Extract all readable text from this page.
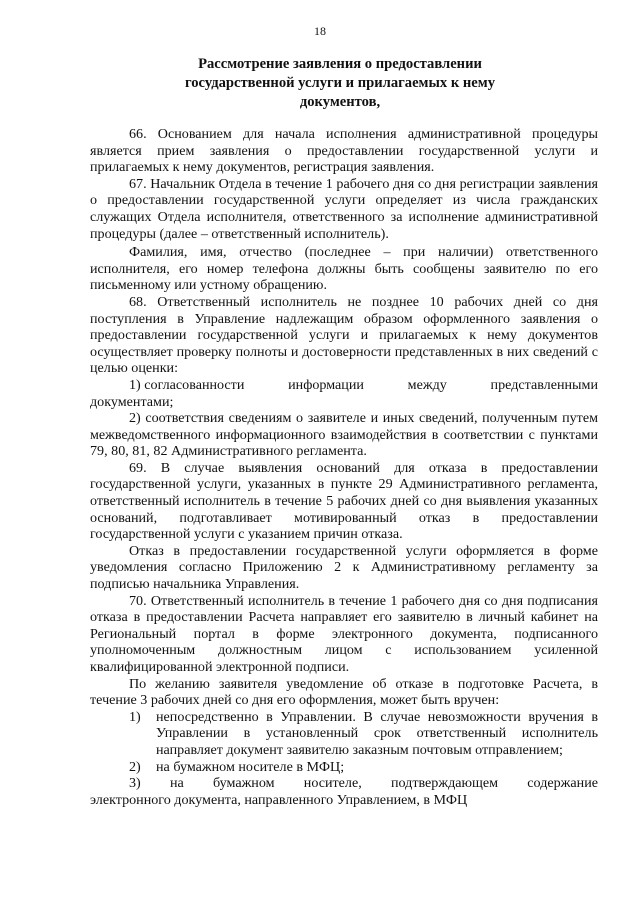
18
Рассмотрение заявления о предоставлении
государственной услуги и прилагаемых к нему
документов,

66. Основанием для начала исполнения административной процедуры является прием заявления о предоставлении государственной услуги и прилагаемых к нему документов, регистрация заявления.

67. Начальник Отдела в течение 1 рабочего дня со дня регистрации заявления о предоставлении государственной услуги определяет из числа гражданских служащих Отдела исполнителя, ответственного за исполнение административной процедуры (далее – ответственный исполнитель).

Фамилия, имя, отчество (последнее – при наличии) ответственного исполнителя, его номер телефона должны быть сообщены заявителю по его письменному или устному обращению.

68. Ответственный исполнитель не позднее 10 рабочих дней со дня поступления в Управление надлежащим образом оформленного заявления о предоставлении государственной услуги и прилагаемых к нему документов осуществляет проверку полноты и достоверности представленных в них сведений с целью оценки:

1) согласованности	информации	между	представленными
документами;

2) соответствия сведениям о заявителе и иных сведений, полученным путем межведомственного информационного взаимодействия в соответствии с пунктами 79, 80, 81, 82 Административного регламента.

69. В случае выявления оснований для отказа в предоставлении государственной услуги, указанных в пункте 29 Административного регламента, ответственный исполнитель в течение 5 рабочих дней со дня выявления указанных оснований, подготавливает мотивированный отказ в предоставлении государственной услуги с указанием причин отказа.

Отказ в предоставлении государственной услуги оформляется в форме уведомления согласно Приложению 2 к Административному регламенту за подписью начальника Управления.

70. Ответственный исполнитель в течение 1 рабочего дня со дня подписания отказа в предоставлении Расчета направляет его заявителю в личный кабинет на Региональный портал в форме электронного документа, подписанного уполномоченным должностным лицом с использованием усиленной квалифицированной электронной подписи.

По желанию заявителя уведомление об отказе в подготовке Расчета, в течение 3 рабочих дней со дня его оформления, может быть вручен:

1)	непосредственно в Управлении. В случае невозможности вручения в Управлении в установленный срок ответственный исполнитель направляет документ заявителю заказным почтовым отправлением;
2)	на бумажном носителе в МФЦ;
3) на бумажном носителе, подтверждающем содержание
электронного документа, направленного Управлением, в МФЦ
